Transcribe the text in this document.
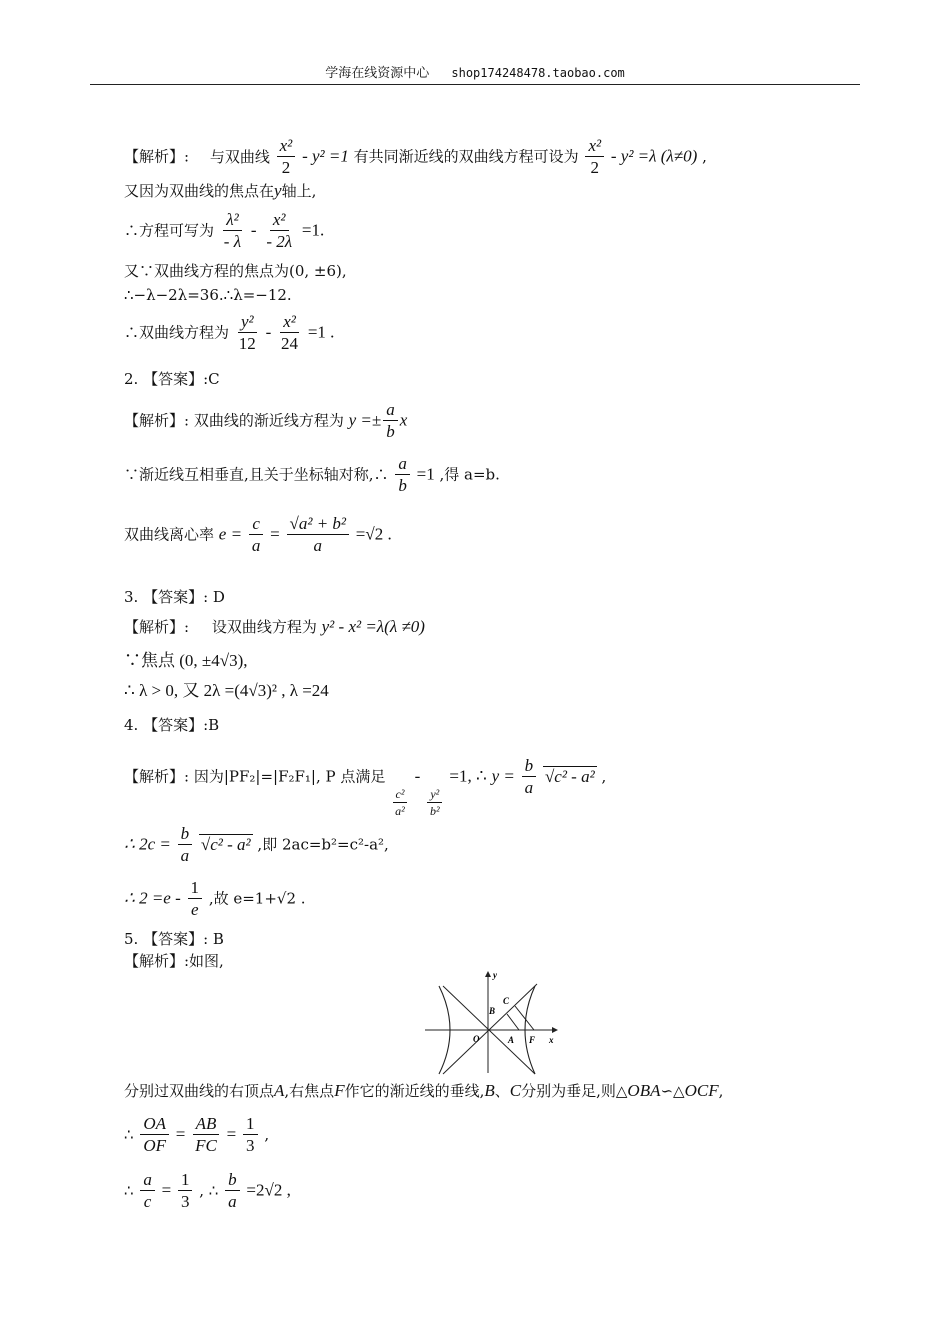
学海在线资源中心 shop174248478.taobao.com
【解析】: 与双曲线 $\frac{\text{x²}}{2} - y^2 =1$ 有共同渐近线的双曲线方程可设为 $\frac{\text{x²}}{2} - y^2 =\lambda$ (λ≠0) ,
又因为双曲线的焦点在y轴上,
∴方程可写为 $\frac{\text{λ²}}{- \lambda} - \frac{\text{x²}}{- 2\lambda} =1$.
又∵双曲线方程的焦点为(0, ±6),
∴−λ−2λ=36.∴λ=−12.
∴双曲线方程为 $\frac{\text{y²}}{12} - \frac{\text{x²}}{24} =1$ .
2. 【答案】:C
【解析】: 双曲线的渐近线方程为 $y =\pm \frac{a}{b}$ x
∵渐近线互相垂直,且关于坐标轴对称,∴ $\frac{a}{b} =1$ ,得 a=b.
双曲线离心率 $e = \frac{c}{a} = \frac{\text{√a² + b²}}{a} =√2$ .
3. 【答案】: D
【解析】: 设双曲线方程为 y² - x² =λ(λ ≠0)
∵焦点 (0, ±4√3),
∴ λ > 0, 又 2λ =(4√3)² , λ =24
4. 【答案】:B
【解析】: 因为|PF₂|=|F₂F₁|, P 点满足
$\frac{\text{c²}}{\text{a²}}$
-
$\frac{\text{y²}}{\text{b²}}$
=1, ∴ $y = \frac{b}{a} √c^2 - a^2$ ,
∴ $2c = \frac{b}{a} √c^2 - a^2$ ,即 2ac=b²=c²-a²,
∴ $2 =e - \frac{1}{e}$ ,故 e=1+√2 .
5. 【答案】: B
【解析】:如图,
y
x
O	A F
B
C
分别过双曲线的右顶点A,右焦点F作它的渐近线的垂线,B、C分别为垂足,则△OBA∽△OCF,
∴ $\frac{OA}{OF} = \frac{AB}{FC} = \frac{1}{3}$ ,
∴ $\frac{a}{c} = \frac{1}{3}$ , ∴ $\frac{b}{a} =2√2$ ,
